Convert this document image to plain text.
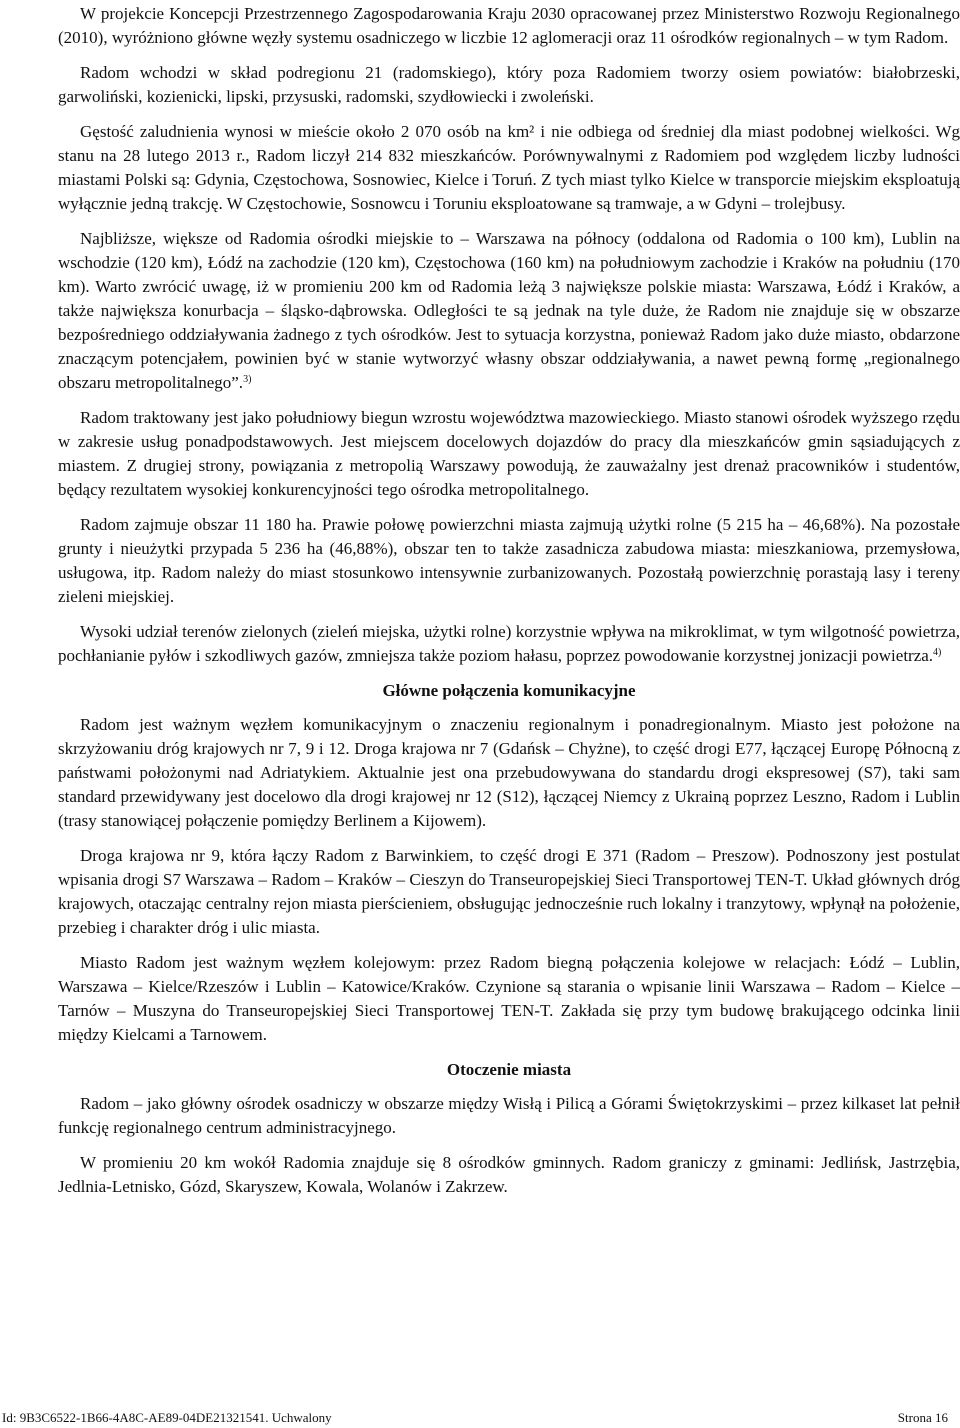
W projekcie Koncepcji Przestrzennego Zagospodarowania Kraju 2030 opracowanej przez Ministerstwo Rozwoju Regionalnego (2010), wyróżniono główne węzły systemu osadniczego w liczbie 12 aglomeracji oraz 11 ośrodków regionalnych – w tym Radom.

Radom wchodzi w skład podregionu 21 (radomskiego), który poza Radomiem tworzy osiem powiatów: białobrzeski, garwoliński, kozienicki, lipski, przysuski, radomski, szydłowiecki i zwoleński.

Gęstość zaludnienia wynosi w mieście około 2 070 osób na km² i nie odbiega od średniej dla miast podobnej wielkości. Wg stanu na 28 lutego 2013 r., Radom liczył 214 832 mieszkańców. Porównywalnymi z Radomiem pod względem liczby ludności miastami Polski są: Gdynia, Częstochowa, Sosnowiec, Kielce i Toruń. Z tych miast tylko Kielce w transporcie miejskim eksploatują wyłącznie jedną trakcję. W Częstochowie, Sosnowcu i Toruniu eksploatowane są tramwaje, a w Gdyni – trolejbusy.

Najbliższe, większe od Radomia ośrodki miejskie to – Warszawa na północy (oddalona od Radomia o 100 km), Lublin na wschodzie (120 km), Łódź na zachodzie (120 km), Częstochowa (160 km) na południowym zachodzie i Kraków na południu (170 km). Warto zwrócić uwagę, iż w promieniu 200 km od Radomia leżą 3 największe polskie miasta: Warszawa, Łódź i Kraków, a także największa konurbacja – śląsko-dąbrowska. Odległości te są jednak na tyle duże, że Radom nie znajduje się w obszarze bezpośredniego oddziaływania żadnego z tych ośrodków. Jest to sytuacja korzystna, ponieważ Radom jako duże miasto, obdarzone znaczącym potencjałem, powinien być w stanie wytworzyć własny obszar oddziaływania, a nawet pewną formę „regionalnego obszaru metropolitalnego”.$^{3)}$

Radom traktowany jest jako południowy biegun wzrostu województwa mazowieckiego. Miasto stanowi ośrodek wyższego rzędu w zakresie usług ponadpodstawowych. Jest miejscem docelowych dojazdów do pracy dla mieszkańców gmin sąsiadujących z miastem. Z drugiej strony, powiązania z metropolią Warszawy powodują, że zauważalny jest drenaż pracowników i studentów, będący rezultatem wysokiej konkurencyjności tego ośrodka metropolitalnego.

Radom zajmuje obszar 11 180 ha. Prawie połowę powierzchni miasta zajmują użytki rolne (5 215 ha – 46,68%). Na pozostałe grunty i nieużytki przypada 5 236 ha (46,88%), obszar ten to także zasadnicza zabudowa miasta: mieszkaniowa, przemysłowa, usługowa, itp. Radom należy do miast stosunkowo intensywnie zurbanizowanych. Pozostałą powierzchnię porastają lasy i tereny zieleni miejskiej.

Wysoki udział terenów zielonych (zieleń miejska, użytki rolne) korzystnie wpływa na mikroklimat, w tym wilgotność powietrza, pochłanianie pyłów i szkodliwych gazów, zmniejsza także poziom hałasu, poprzez powodowanie korzystnej jonizacji powietrza.$^{4)}$

Główne połączenia komunikacyjne

Radom jest ważnym węzłem komunikacyjnym o znaczeniu regionalnym i ponadregionalnym. Miasto jest położone na skrzyżowaniu dróg krajowych nr 7, 9 i 12. Droga krajowa nr 7 (Gdańsk – Chyżne), to część drogi E77, łączącej Europę Północną z państwami położonymi nad Adriatykiem. Aktualnie jest ona przebudowywana do standardu drogi ekspresowej (S7), taki sam standard przewidywany jest docelowo dla drogi krajowej nr 12 (S12), łączącej Niemcy z Ukrainą poprzez Leszno, Radom i Lublin (trasy stanowiącej połączenie pomiędzy Berlinem a Kijowem).

Droga krajowa nr 9, która łączy Radom z Barwinkiem, to część drogi E 371 (Radom – Preszow). Podnoszony jest postulat wpisania drogi S7 Warszawa – Radom – Kraków – Cieszyn do Transeuropejskiej Sieci Transportowej TEN-T. Układ głównych dróg krajowych, otaczając centralny rejon miasta pierścieniem, obsługując jednocześnie ruch lokalny i tranzytowy, wpłynął na położenie, przebieg i charakter dróg i ulic miasta.

Miasto Radom jest ważnym węzłem kolejowym: przez Radom biegną połączenia kolejowe w relacjach: Łódź – Lublin, Warszawa – Kielce/Rzeszów i Lublin – Katowice/Kraków. Czynione są starania o wpisanie linii Warszawa – Radom – Kielce – Tarnów – Muszyna do Transeuropejskiej Sieci Transportowej TEN-T. Zakłada się przy tym budowę brakującego odcinka linii między Kielcami a Tarnowem.

Otoczenie miasta

Radom – jako główny ośrodek osadniczy w obszarze między Wisłą i Pilicą a Górami Świętokrzyskimi – przez kilkaset lat pełnił funkcję regionalnego centrum administracyjnego.

W promieniu 20 km wokół Radomia znajduje się 8 ośrodków gminnych. Radom graniczy z gminami: Jedlińsk, Jastrzębia, Jedlnia-Letnisko, Gózd, Skaryszew, Kowala, Wolanów i Zakrzew.

Id: 9B3C6522-1B66-4A8C-AE89-04DE21321541. Uchwalony	Strona 16
